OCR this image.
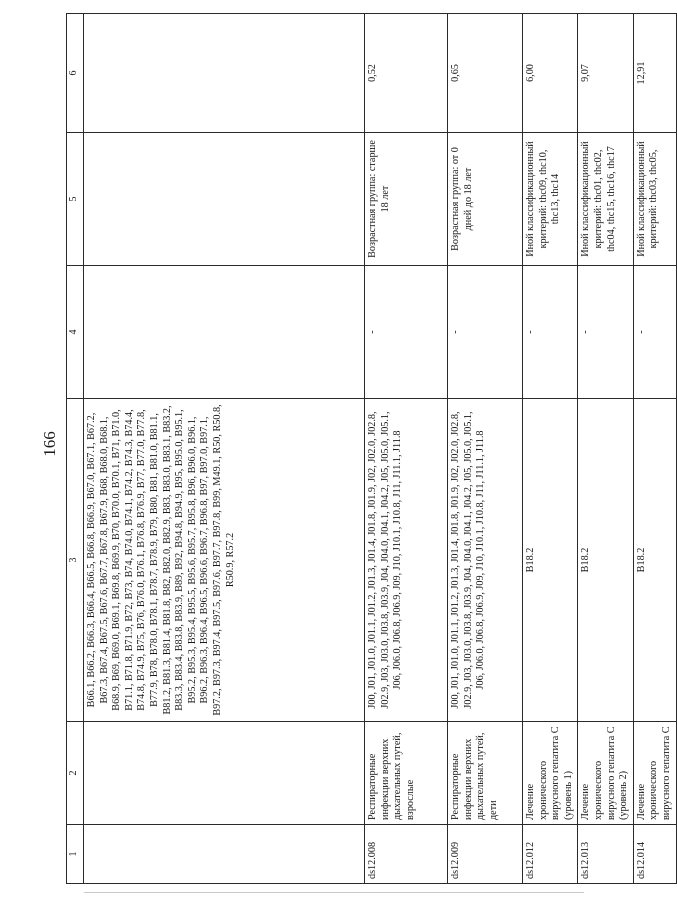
166
1	2	3	4	5	6
		B66.1, B66.2, B66.3, B66.4, B66.5, B66.8, B66.9, B67.0, B67.1, B67.2, B67.3, B67.4, B67.5, B67.6, B67.7, B67.8, B67.9, B68, B68.0, B68.1, B68.9, B69, B69.0, B69.1, B69.8, B69.9, B70, B70.0, B70.1, B71, B71.0, B71.1, B71.8, B71.9, B72, B73, B74, B74.0, B74.1, B74.2, B74.3, B74.4, B74.8, B74.9, B75, B76, B76.0, B76.1, B76.8, B76.9, B77, B77.0, B77.8, B77.9, B78, B78.0, B78.1, B78.7, B78.9, B79, B80, B81, B81.0, B81.1, B81.2, B81.3, B81.4, B81.8, B82, B82.0, B82.9, B83, B83.0, B83.1, B83.2, B83.3, B83.4, B83.8, B83.9, B89, B92, B94.8, B94.9, B95, B95.0, B95.1, B95.2, B95.3, B95.4, B95.5, B95.6, B95.7, B95.8, B96, B96.0, B96.1, B96.2, B96.3, B96.4, B96.5, B96.6, B96.7, B96.8, B97, B97.0, B97.1, B97.2, B97.3, B97.4, B97.5, B97.6, B97.7, B97.8, B99, M49.1, R50, R50.8, R50.9, R57.2			
ds12.008	Респираторные инфекции верхних дыхательных путей, взрослые	J00, J01, J01.0, J01.1, J01.2, J01.3, J01.4, J01.8, J01.9, J02, J02.0, J02.8, J02.9, J03, J03.0, J03.8, J03.9, J04, J04.0, J04.1, J04.2, J05, J05.0, J05.1, J06, J06.0, J06.8, J06.9, J09, J10, J10.1, J10.8, J11, J11.1, J11.8	-	Возрастная группа: старше 18 лет	0,52
ds12.009	Респираторные инфекции верхних дыхательных путей, дети	J00, J01, J01.0, J01.1, J01.2, J01.3, J01.4, J01.8, J01.9, J02, J02.0, J02.8, J02.9, J03, J03.0, J03.8, J03.9, J04, J04.0, J04.1, J04.2, J05, J05.0, J05.1, J06, J06.0, J06.8, J06.9, J09, J10, J10.1, J10.8, J11, J11.1, J11.8	-	Возрастная группа: от 0 дней до 18 лет	0,65
ds12.012	Лечение хронического вирусного гепатита С (уровень 1)	B18.2	-	Иной классификационный критерий: thc09, thc10, thc13, thc14	6,00
ds12.013	Лечение хронического вирусного гепатита С (уровень 2)	B18.2	-	Иной классификационный критерий: thc01, thc02, thc04, thc15, thc16, thc17	9,07
ds12.014	Лечение хронического вирусного гепатита С	B18.2	-	Иной классификационный критерий: thc03, thc05,	12,91
